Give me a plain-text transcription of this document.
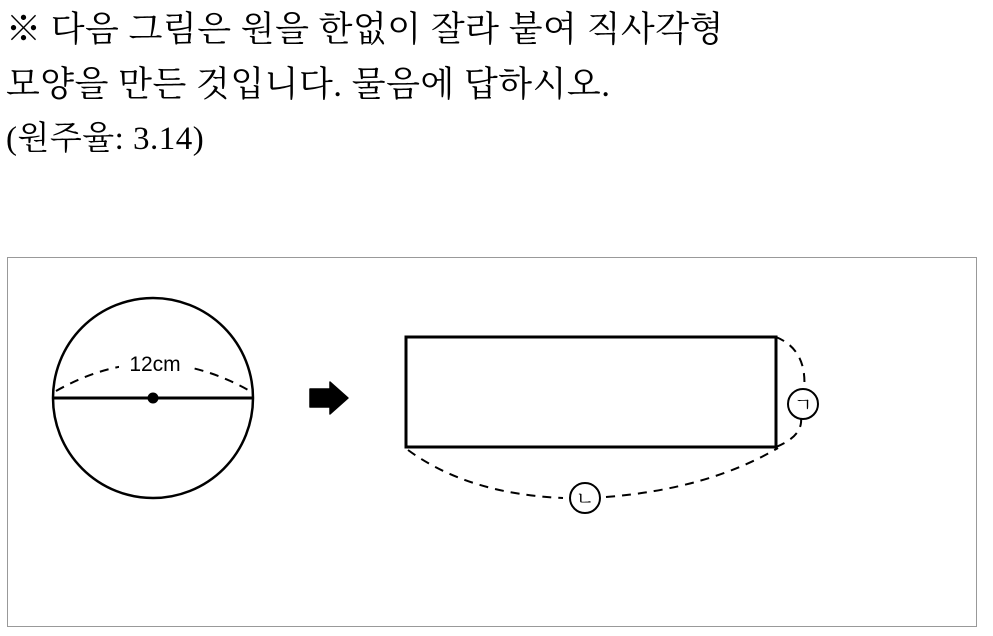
※ 다음 그림은 원을 한없이 잘라 붙여 직사각형
모양을 만든 것입니다. 물음에 답하시오.
(원주율: 3.14)
12cm
ㄱ
ㄴ
